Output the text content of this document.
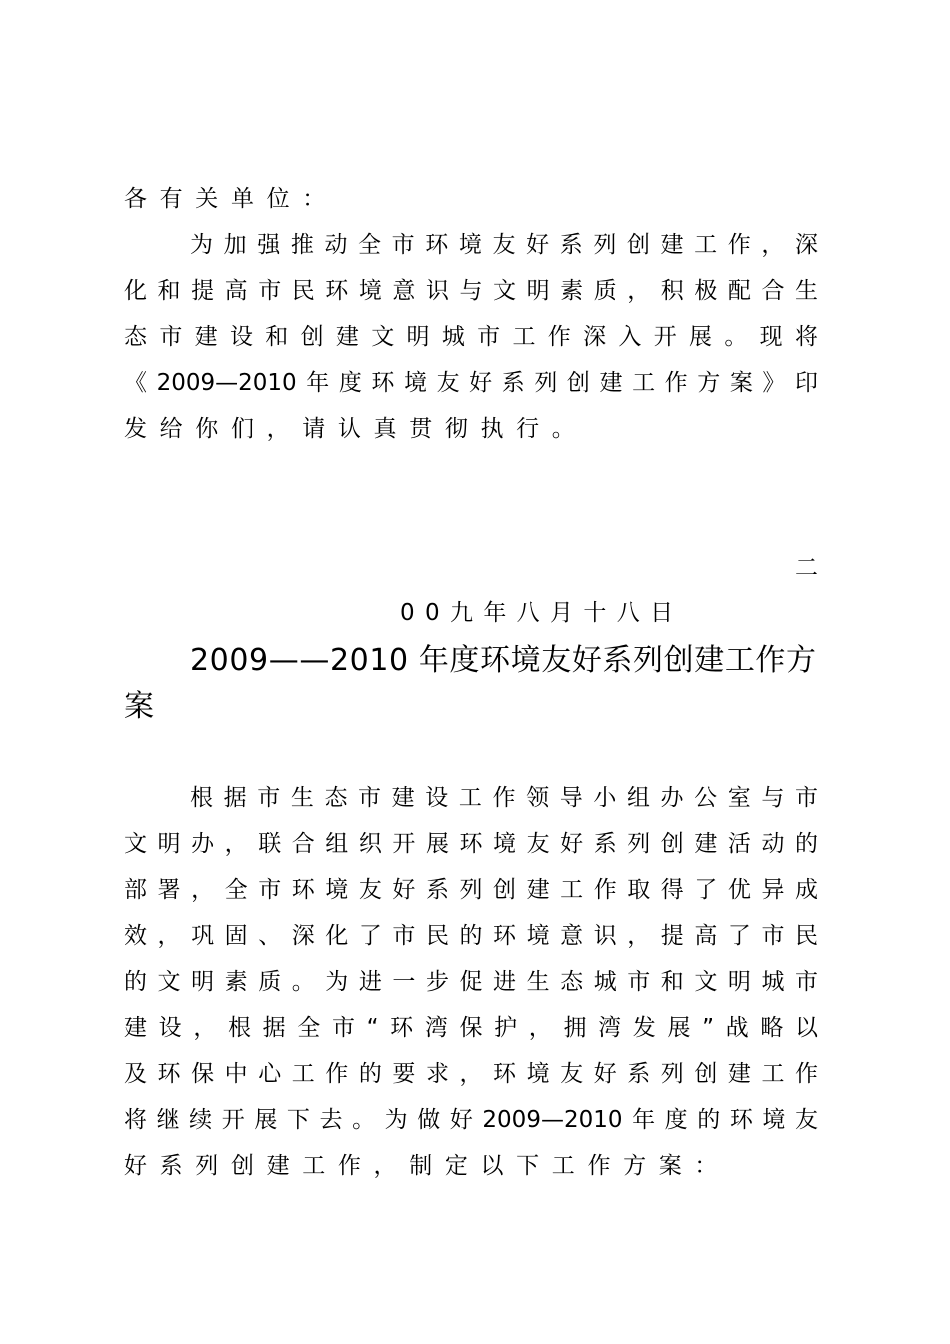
各有关单位：
为加强推动全市环境友好系列创建工作，深
化和提高市民环境意识与文明素质，积极配合生
态市建设和创建文明城市工作深入开展。现将
《2009—2010年度环境友好系列创建工作方案》印
发给你们，请认真贯彻执行。
二
00九年八月十八日
2009——2010 年度环境友好系列创建工作方
案
根据市生态市建设工作领导小组办公室与市
文明办，联合组织开展环境友好系列创建活动的
部署，全市环境友好系列创建工作取得了优异成
效，巩固、深化了市民的环境意识，提高了市民
的文明素质。为进一步促进生态城市和文明城市
建设，根据全市“环湾保护，拥湾发展”战略以
及环保中心工作的要求，环境友好系列创建工作
将继续开展下去。为做好2009—2010年度的环境友
好系列创建工作，制定以下工作方案：
